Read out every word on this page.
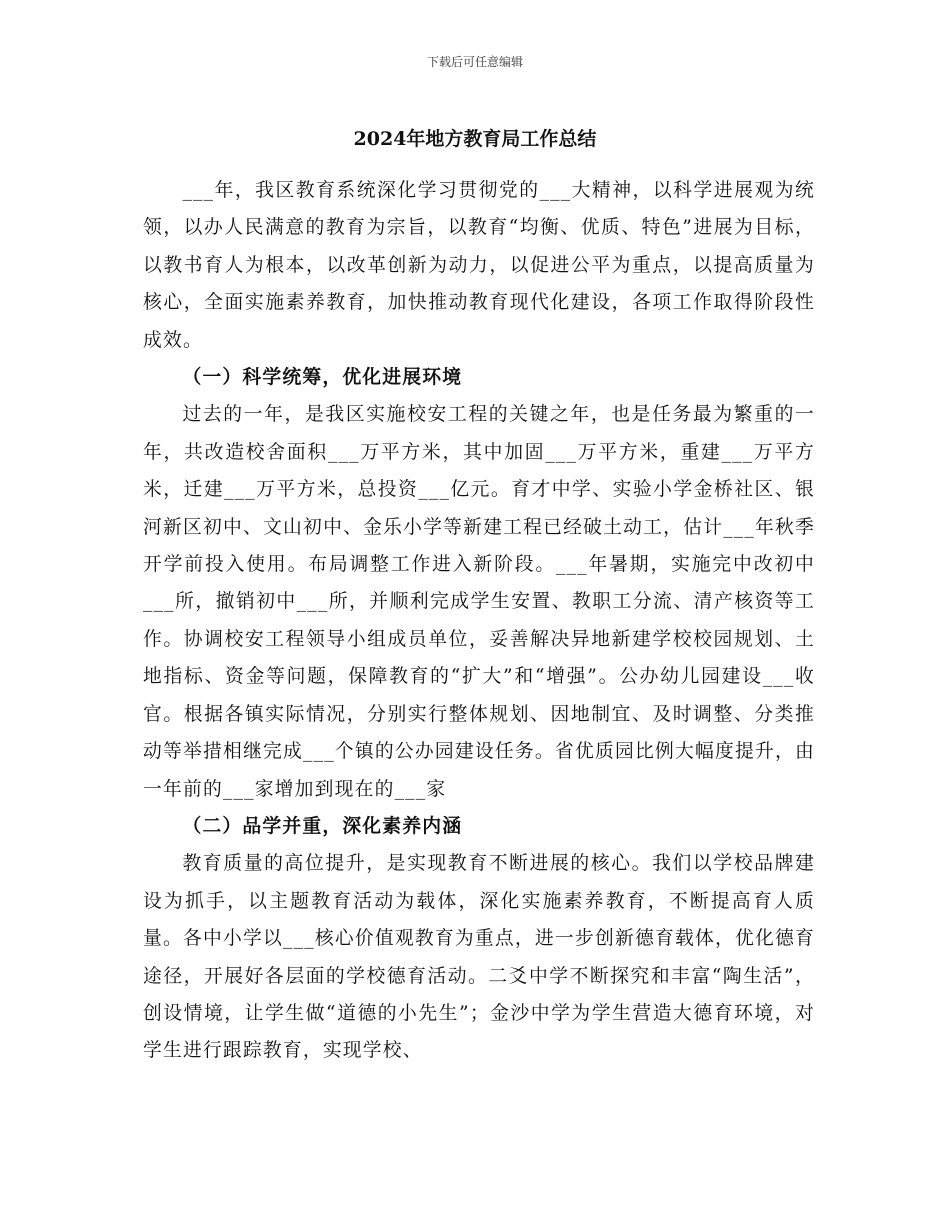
下载后可任意编辑
2024年地方教育局工作总结

___年，我区教育系统深化学习贯彻党的___大精神，以科学进展观为统领，以办人民满意的教育为宗旨，以教育“均衡、优质、特色”进展为目标，以教书育人为根本，以改革创新为动力，以促进公平为重点，以提高质量为核心，全面实施素养教育，加快推动教育现代化建设，各项工作取得阶段性成效。

（一）科学统筹，优化进展环境

过去的一年，是我区实施校安工程的关键之年，也是任务最为繁重的一年，共改造校舍面积___万平方米，其中加固___万平方米，重建___万平方米，迁建___万平方米，总投资___亿元。育才中学、实验小学金桥社区、银河新区初中、文山初中、金乐小学等新建工程已经破土动工，估计___年秋季开学前投入使用。布局调整工作进入新阶段。___年暑期，实施完中改初中___所，撤销初中___所，并顺利完成学生安置、教职工分流、清产核资等工作。协调校安工程领导小组成员单位，妥善解决异地新建学校校园规划、土地指标、资金等问题，保障教育的“扩大”和“增强”。公办幼儿园建设___收官。根据各镇实际情况，分别实行整体规划、因地制宜、及时调整、分类推动等举措相继完成___个镇的公办园建设任务。省优质园比例大幅度提升，由一年前的___家增加到现在的___家

（二）品学并重，深化素养内涵

教育质量的高位提升，是实现教育不断进展的核心。我们以学校品牌建设为抓手，以主题教育活动为载体，深化实施素养教育，不断提高育人质量。各中小学以___核心价值观教育为重点，进一步创新德育载体，优化德育途径，开展好各层面的学校德育活动。二爻中学不断探究和丰富“陶生活”，创设情境，让学生做“道德的小先生”；金沙中学为学生营造大德育环境，对学生进行跟踪教育，实现学校、
